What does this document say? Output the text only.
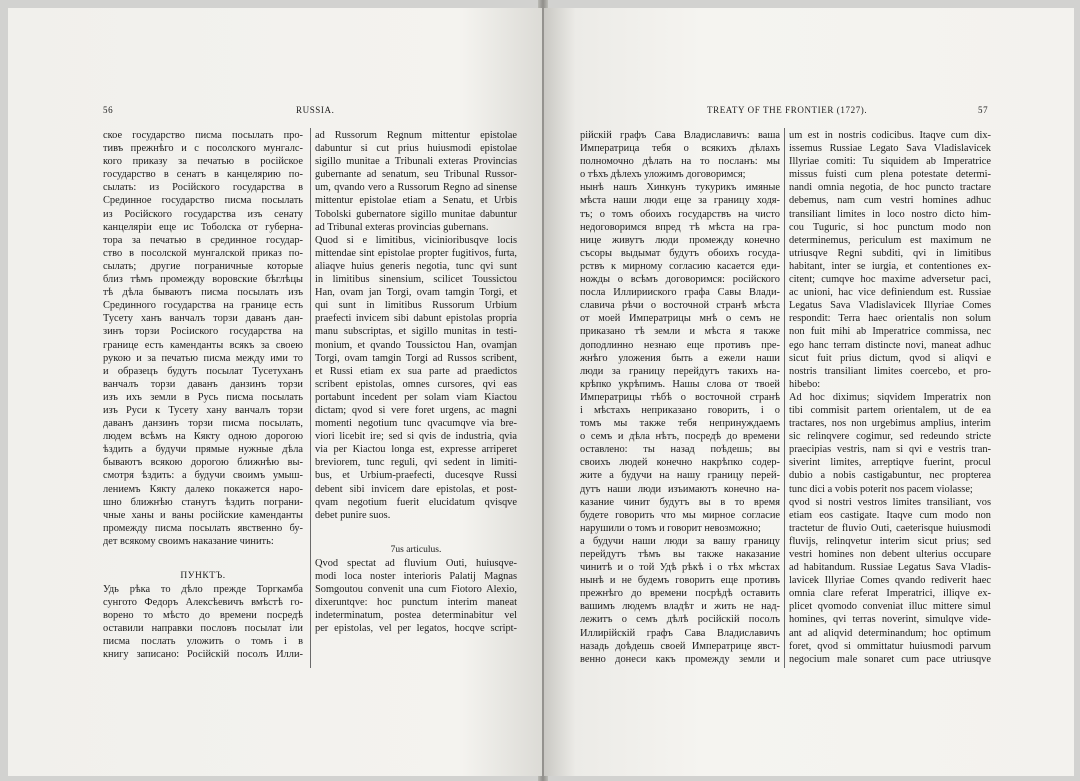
56	RUSSIA.
ское государство писма посылать про-
тивъ прежнѣго и с посолского мунгалс-
кого приказу за печатью в російское
государство в сенатъ в канцелярию по-
сылать: из Російского государства в
Срединное государство писма посылать
из Російского государства изъ сенату
канцеляріи еще ис Тоболска от губерна-
тора за печатью в срединное государ-
ство в посолской мунгалской приказ по-
сылать; другие пограничные которые
близ тѣмъ промежду воровские бѣглѣцы
тѣ дѣла бываютъ писма посылать изъ
Срединного государства на границе есть
Тусету ханъ ванчалъ торзи даванъ дан-
зинъ торзи Росіиского государства на
границе есть каменданты всякъ за своею
рукою и за печатью писма между ими то
и образецъ будутъ посылат Тусетуханъ
ванчалъ торзи даванъ данзинъ торзи
изъ ихъ земли в Русь писма посылать
изъ Руси к Тусету хану ванчалъ торзи
даванъ данзинъ торзи писма посылать,
людем всѣмъ на Кякту одною дорогою
ѣздить а будучи прямые нужные дѣла
бываютъ всякою дорогою ближнѣю вы-
смотря ѣздить: а будучи своимъ умыш-
лениемъ Кякту далеко покажется наро-
шно ближнѣю станутъ ѣздить пограни-
чные ханы и ваны російские каменданты
промежду писма посылать явственно бу-
дет всякому своимъ наказание чинить:
ПУНКТЪ.
Удь рѣка то дѣло прежде Торгкамба
сунгото Федоръ Алексѣевичъ вмѣстѣ го-
ворено то мѣсто до времени посредѣ
оставили направки пословъ посылат іли
писма послать уложить о томъ і в
книгу записано: Російскій посолъ Илли-
ad Russorum Regnum mittentur epistolae
dabuntur si cut prius huiusmodi epistolae
sigillo munitae a Tribunali exteras Provincias
gubernante ad senatum, seu Tribunal Russor-
um, qvando vero a Russorum Regno ad sinense
mittentur epistolae etiam a Senatu, et Urbis
Tobolski gubernatore sigillo munitae dabuntur
ad Tribunal exteras provincias gubernans.
Quod si e limitibus, vicinioribusqve locis
mittendae sint epistolae propter fugitivos, furta,
aliaqve huius generis negotia, tunc qvi sunt
in limitibus sinensium, scilicet Toussictou
Han, ovam jan Torgi, ovam tamgin Torgi, et
qui sunt in limitibus Russorum Urbium
praefecti invicem sibi dabunt epistolas propria
manu subscriptas, et sigillo munitas in testi-
monium, et qvando Toussictou Han, ovamjan
Torgi, ovam tamgin Torgi ad Russos scribent,
et Russi etiam ex sua parte ad praedictos
scribent epistolas, omnes cursores, qvi eas
portabunt incedent per solam viam Kiactou
dictam; qvod si vere foret urgens, ac magni
momenti negotium tunc qvacumqve via bre-
viori licebit ire; sed si qvis de industria, qvia
via per Kiactou longa est, expresse arriperet
breviorem, tunc reguli, qvi sedent in limiti-
bus, et Urbium-praefecti, ducesqve Russi
debent sibi invicem dare epistolas, et post-
qvam negotium fuerit elucidatum qvisqve
debet punire suos.
7us articulus.
Qvod spectat ad fluvium Outi, huiusqve-
modi loca noster interioris Palatij Magnas
Somgoutou convenit una cum Fiotoro Alexio,
dixeruntqve: hoc punctum interim maneat
indeterminatum, postea determinabitur vel
per epistolas, vel per legatos, hocqve script-
TREATY OF THE FRONTIER (1727).	57
рійскій графъ Сава Владиславичъ: ваша
Императрица тебя о всякихъ дѣлахъ
полномочно дѣлать на то посланъ: мы
о тѣхъ дѣлехъ уложимъ договоримся;
нынѣ нашъ Хинкунъ тукурикъ имяные
мѣста наши люди еще за границу ходя-
тъ; о томъ обоихъ государствъ на чисто
недоговоримся впред тѣ мѣста на гра-
нице живутъ люди промежду конечно
съсоры выдымат будутъ обоихъ госуда-
рствъ к мирному согласию касается еди-
ножды о всѣмъ договоримся: російского
посла Иллирииского графа Савы Влади-
славича рѣчи о восточной странѣ мѣста
от моей Императрицы мнѣ о семъ не
приказано тѣ земли и мѣста я также
доподлинно незнаю еще противъ пре-
жнѣго уложения быть а ежели наши
люди за границу перейдутъ такихъ на-
крѣпко укрѣпимъ. Нашы слова от твоей
Императрицы тѣбѣ о восточной странѣ
і мѣстахъ неприказано говорить, і о
томъ мы также тебя непринуждаемъ
о семъ и дѣла нѣтъ, посредѣ до времени
оставлено: ты назад поѣдешь; вы
своихъ людей конечно накрѣпко содер-
жите а будучи на нашу границу перей-
дутъ наши люди изъимаютъ конечно на-
казание чинит будутъ вы в то время
будете говорить что мы мирное согласие
нарушили о томъ и говорит невозможно;
а будучи наши люди за вашу границу
перейдутъ тѣмъ вы также наказание
чинитѣ и о той Удѣ рѣкѣ і о тѣх мѣстах
нынѣ и не будемъ говорить еще противъ
прежнѣго до времени посрѣдѣ оставить
вашимъ людемъ владѣт и жить не над-
лежитъ о семъ дѣлѣ російскій посолъ
Иллирійскій графъ Сава Владиславичъ
назадь доѣдешь своей Императрице явст-
венно донеси какъ промежду земли и
um est in nostris codicibus. Itaqve cum dix-
issemus Russiae Legato Sava Vladislavicek
Illyriae comiti: Tu siquidem ab Imperatrice
missus fuisti cum plena potestate determi-
nandi omnia negotia, de hoc puncto tractare
debemus, nam cum vestri homines adhuc
transiliant limites in loco nostro dicto him-
cou Tuguric, si hoc punctum modo non
determinemus, periculum est maximum ne
utriusqve Regni subditi, qvi in limitibus
habitant, inter se iurgia, et contentiones ex-
citent; cumqve hoc maxime adversetur paci,
ac unioni, hac vice definiendum est. Russiae
Legatus Sava Vladislavicek Illyriae Comes
respondit: Terra haec orientalis non solum
non fuit mihi ab Imperatrice commissa, nec
ego hanc terram distincte novi, maneat adhuc
sicut fuit prius dictum, qvod si aliqvi e
nostris transiliant limites coercebo, et pro-
hibebo:
Ad hoc diximus; siqvidem Imperatrix non
tibi commisit partem orientalem, ut de ea
tractares, nos non urgebimus amplius, interim
sic relinqvere cogimur, sed redeundo stricte
praecipias vestris, nam si qvi e vestris tran-
siverint limites, arreptiqve fuerint, procul
dubio a nobis castigabuntur, nec propterea
tunc dici a vobis poterit nos pacem violasse;
qvod si nostri vestros limites transiliant, vos
etiam eos castigate. Itaqve cum modo non
tractetur de fluvio Outi, caeterisque huiusmodi
fluvijs, relinqvetur interim sicut prius; sed
vestri homines non debent ulterius occupare
ad habitandum. Russiae Legatus Sava Vladis-
lavicek Illyriae Comes qvando rediverit haec
omnia clare referat Imperatrici, illiqve ex-
plicet qvomodo conveniat illuc mittere simul
homines, qvi terras noverint, simulqve vide-
ant ad aliqvid determinandum; hoc optimum
foret, qvod si ommittatur huiusmodi parvum
negocium male sonaret cum pace utriusqve
